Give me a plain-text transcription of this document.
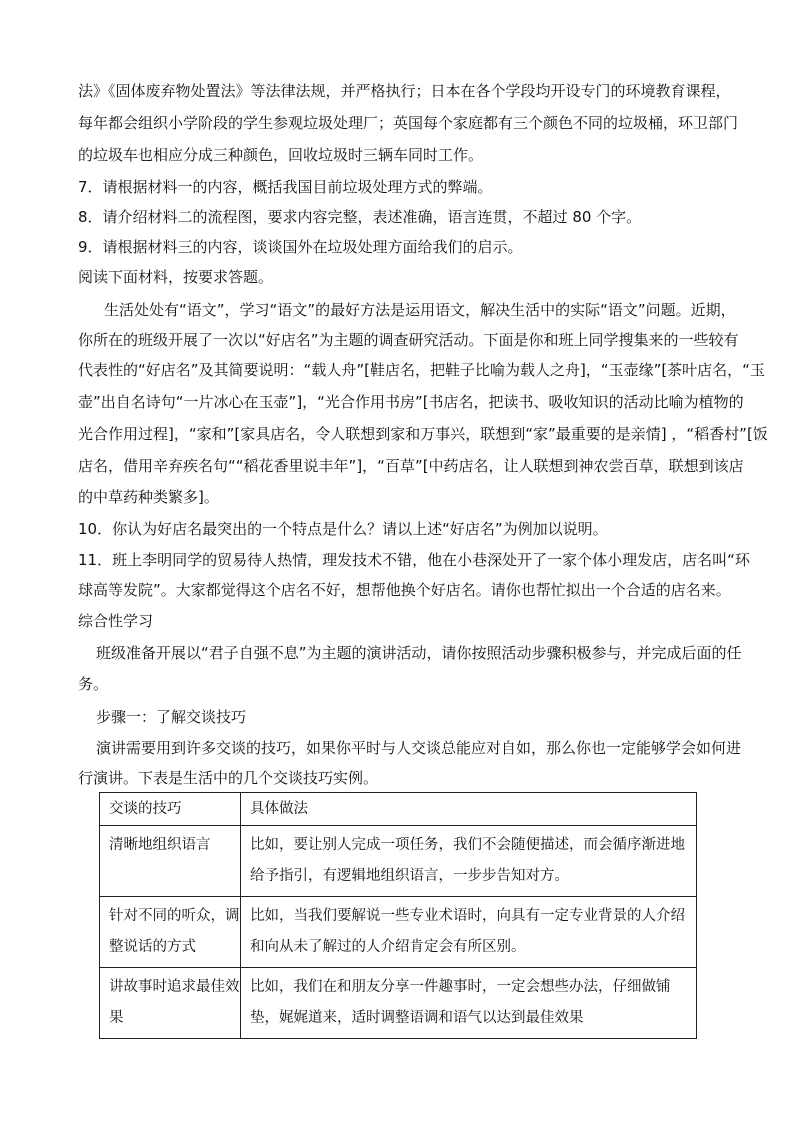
法》《固体废弃物处置法》等法律法规，并严格执行；日本在各个学段均开设专门的环境教育课程，
每年都会组织小学阶段的学生参观垃圾处理厂；英国每个家庭都有三个颜色不同的垃圾桶，环卫部门
的垃圾车也相应分成三种颜色，回收垃圾时三辆车同时工作。
7．请根据材料一的内容，概括我国目前垃圾处理方式的弊端。
8．请介绍材料二的流程图，要求内容完整，表述准确，语言连贯，不超过 80 个字。
9．请根据材料三的内容，谈谈国外在垃圾处理方面给我们的启示。
阅读下面材料，按要求答题。
生活处处有“语文”，学习“语文”的最好方法是运用语文，解决生活中的实际“语文”问题。近期，
你所在的班级开展了一次以“好店名”为主题的调查研究活动。下面是你和班上同学搜集来的一些较有
代表性的“好店名”及其简要说明：“载人舟”[鞋店名，把鞋子比喻为载人之舟]，“玉壶缘”[茶叶店名，“玉
壶”出自名诗句“一片冰心在玉壶”]，“光合作用书房”[书店名，把读书、吸收知识的活动比喻为植物的
光合作用过程]，“家和”[家具店名，令人联想到家和万事兴，联想到“家”最重要的是亲情] ，“稻香村”[饭
店名，借用辛弃疾名句““稻花香里说丰年”]，“百草”[中药店名，让人联想到神农尝百草，联想到该店
的中草药种类繁多]。
10．你认为好店名最突出的一个特点是什么？请以上述“好店名”为例加以说明。
11．班上李明同学的贸易待人热情，理发技术不错，他在小巷深处开了一家个体小理发店，店名叫“环
球高等发院”。大家都觉得这个店名不好，想帮他换个好店名。请你也帮忙拟出一个合适的店名来。
综合性学习
班级准备开展以“君子自强不息”为主题的演讲活动，请你按照活动步骤积极参与，并完成后面的任
务。
步骤一：了解交谈技巧
演讲需要用到许多交谈的技巧，如果你平时与人交谈总能应对自如，那么你也一定能够学会如何进
行演讲。下表是生活中的几个交谈技巧实例。
交谈的技巧	具体做法
清晰地组织语言	比如，要让别人完成一项任务，我们不会随便描述，而会循序渐进地给予指引，有逻辑地组织语言，一步步告知对方。
针对不同的听众，调整说话的方式	比如，当我们要解说一些专业术语时，向具有一定专业背景的人介绍和向从未了解过的人介绍肯定会有所区别。
讲故事时追求最佳效果	比如，我们在和朋友分享一件趣事时，一定会想些办法，仔细做铺垫，娓娓道来，适时调整语调和语气以达到最佳效果
